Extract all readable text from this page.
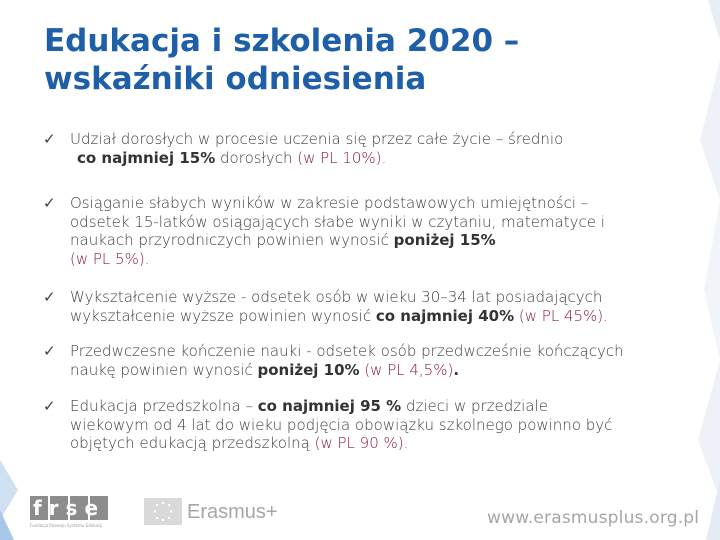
Edukacja i szkolenia 2020 –
wskaźniki odniesienia
✓ Udział dorosłych w procesie uczenia się przez całe życie – średnio
co najmniej 15% dorosłych (w PL 10%).
✓ Osiąganie słabych wyników w zakresie podstawowych umiejętności –
odsetek 15-latków osiągających słabe wyniki w czytaniu, matematyce i
naukach przyrodniczych powinien wynosić poniżej 15%
(w PL 5%).
✓ Wykształcenie wyższe - odsetek osób w wieku 30–34 lat posiadających
wykształcenie wyższe powinien wynosić co najmniej 40% (w PL 45%).
✓ Przedwczesne kończenie nauki - odsetek osób przedwcześnie kończących
naukę powinien wynosić poniżej 10% (w PL 4,5%).
✓ Edukacja przedszkolna – co najmniej 95 % dzieci w przedziale
wiekowym od 4 lat do wieku podjęcia obowiązku szkolnego powinno być
objętych edukacją przedszkolną (w PL 90 %).
frse
Fundacja Rozwoju Systemu Edukacji
Erasmus+	www.erasmusplus.org.pl
